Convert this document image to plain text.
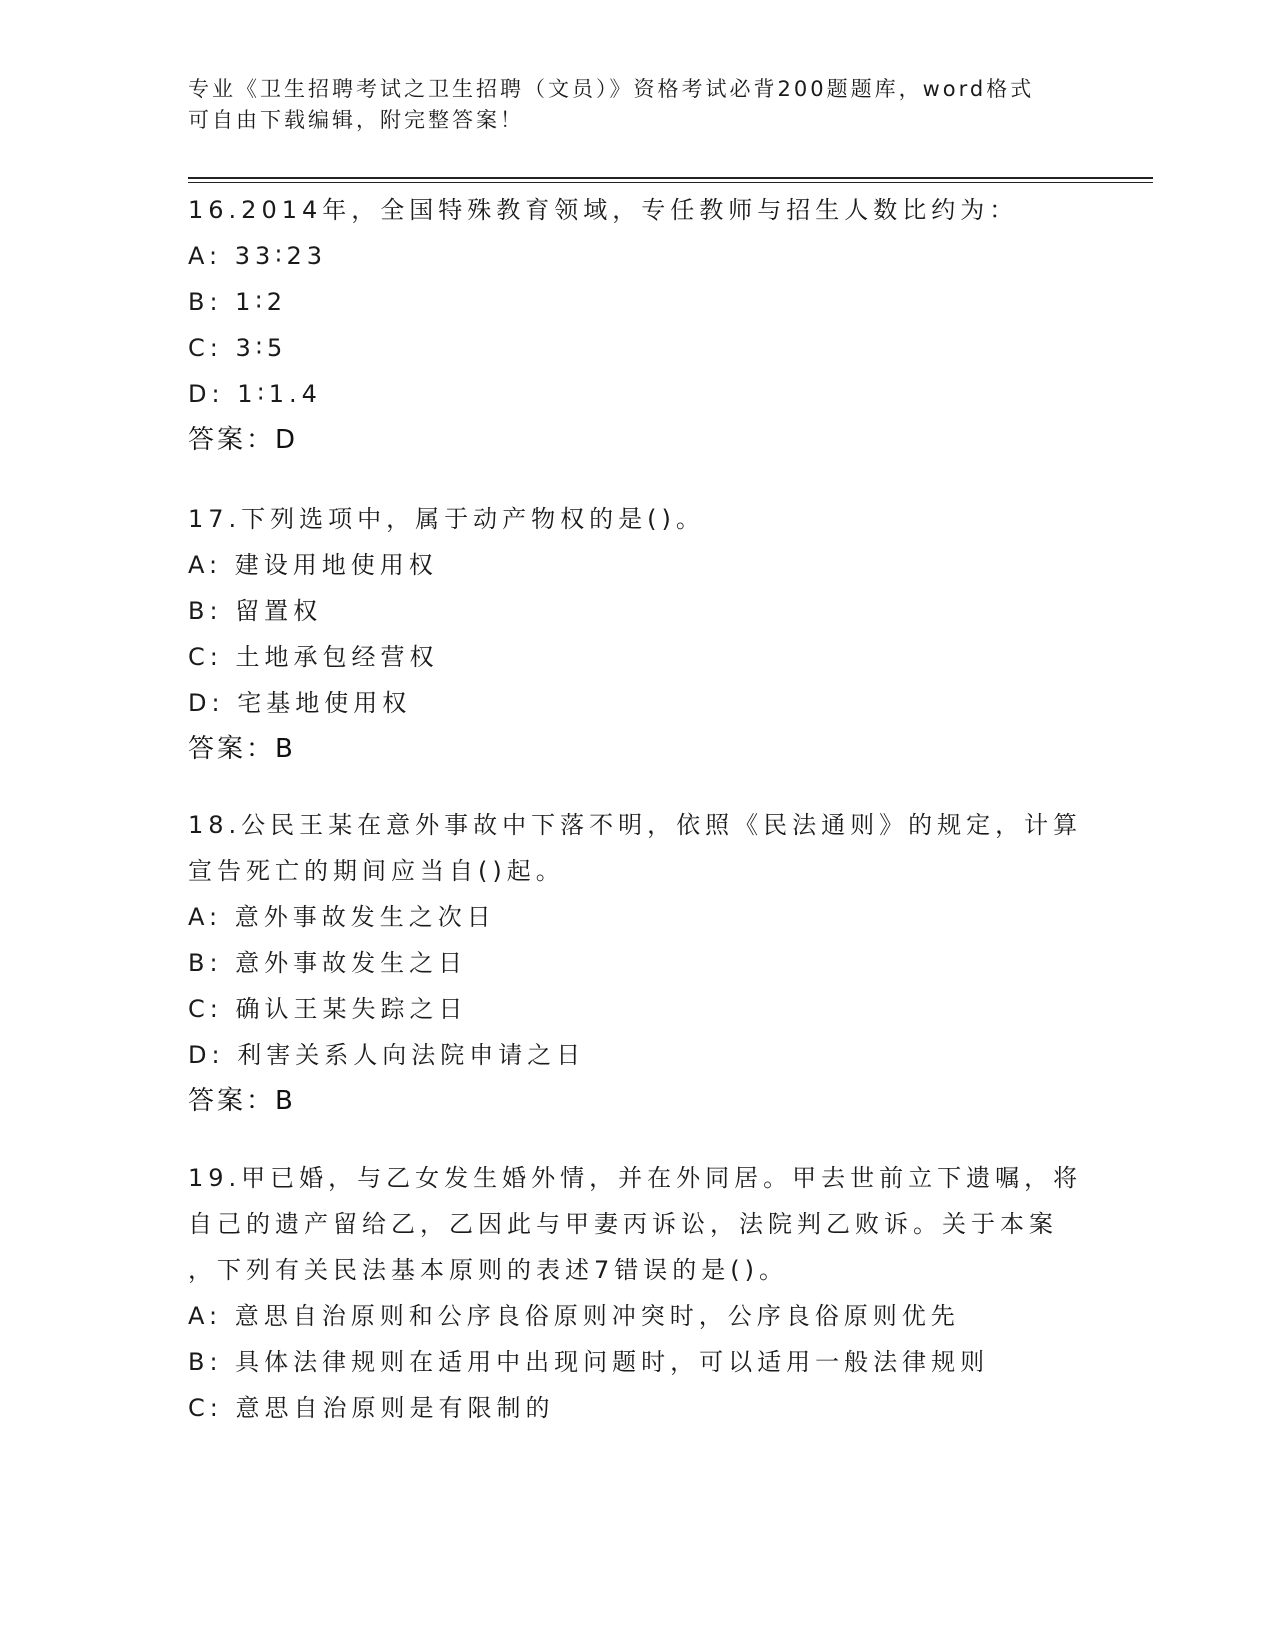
专业《卫生招聘考试之卫生招聘（文员）》资格考试必背200题题库，word格式
可自由下载编辑，附完整答案！
16.2014年，全国特殊教育领域，专任教师与招生人数比约为：
A: 33∶23
B: 1∶2
C: 3∶5
D: 1∶1.4
答案：D
17.下列选项中，属于动产物权的是()。
A: 建设用地使用权
B: 留置权
C: 土地承包经营权
D: 宅基地使用权
答案：B
18.公民王某在意外事故中下落不明，依照《民法通则》的规定，计算
宣告死亡的期间应当自()起。
A: 意外事故发生之次日
B: 意外事故发生之日
C: 确认王某失踪之日
D: 利害关系人向法院申请之日
答案：B
19.甲已婚，与乙女发生婚外情，并在外同居。甲去世前立下遗嘱，将
自己的遗产留给乙，乙因此与甲妻丙诉讼，法院判乙败诉。关于本案
，下列有关民法基本原则的表述7错误的是()。
A: 意思自治原则和公序良俗原则冲突时，公序良俗原则优先
B: 具体法律规则在适用中出现问题时，可以适用一般法律规则
C: 意思自治原则是有限制的
